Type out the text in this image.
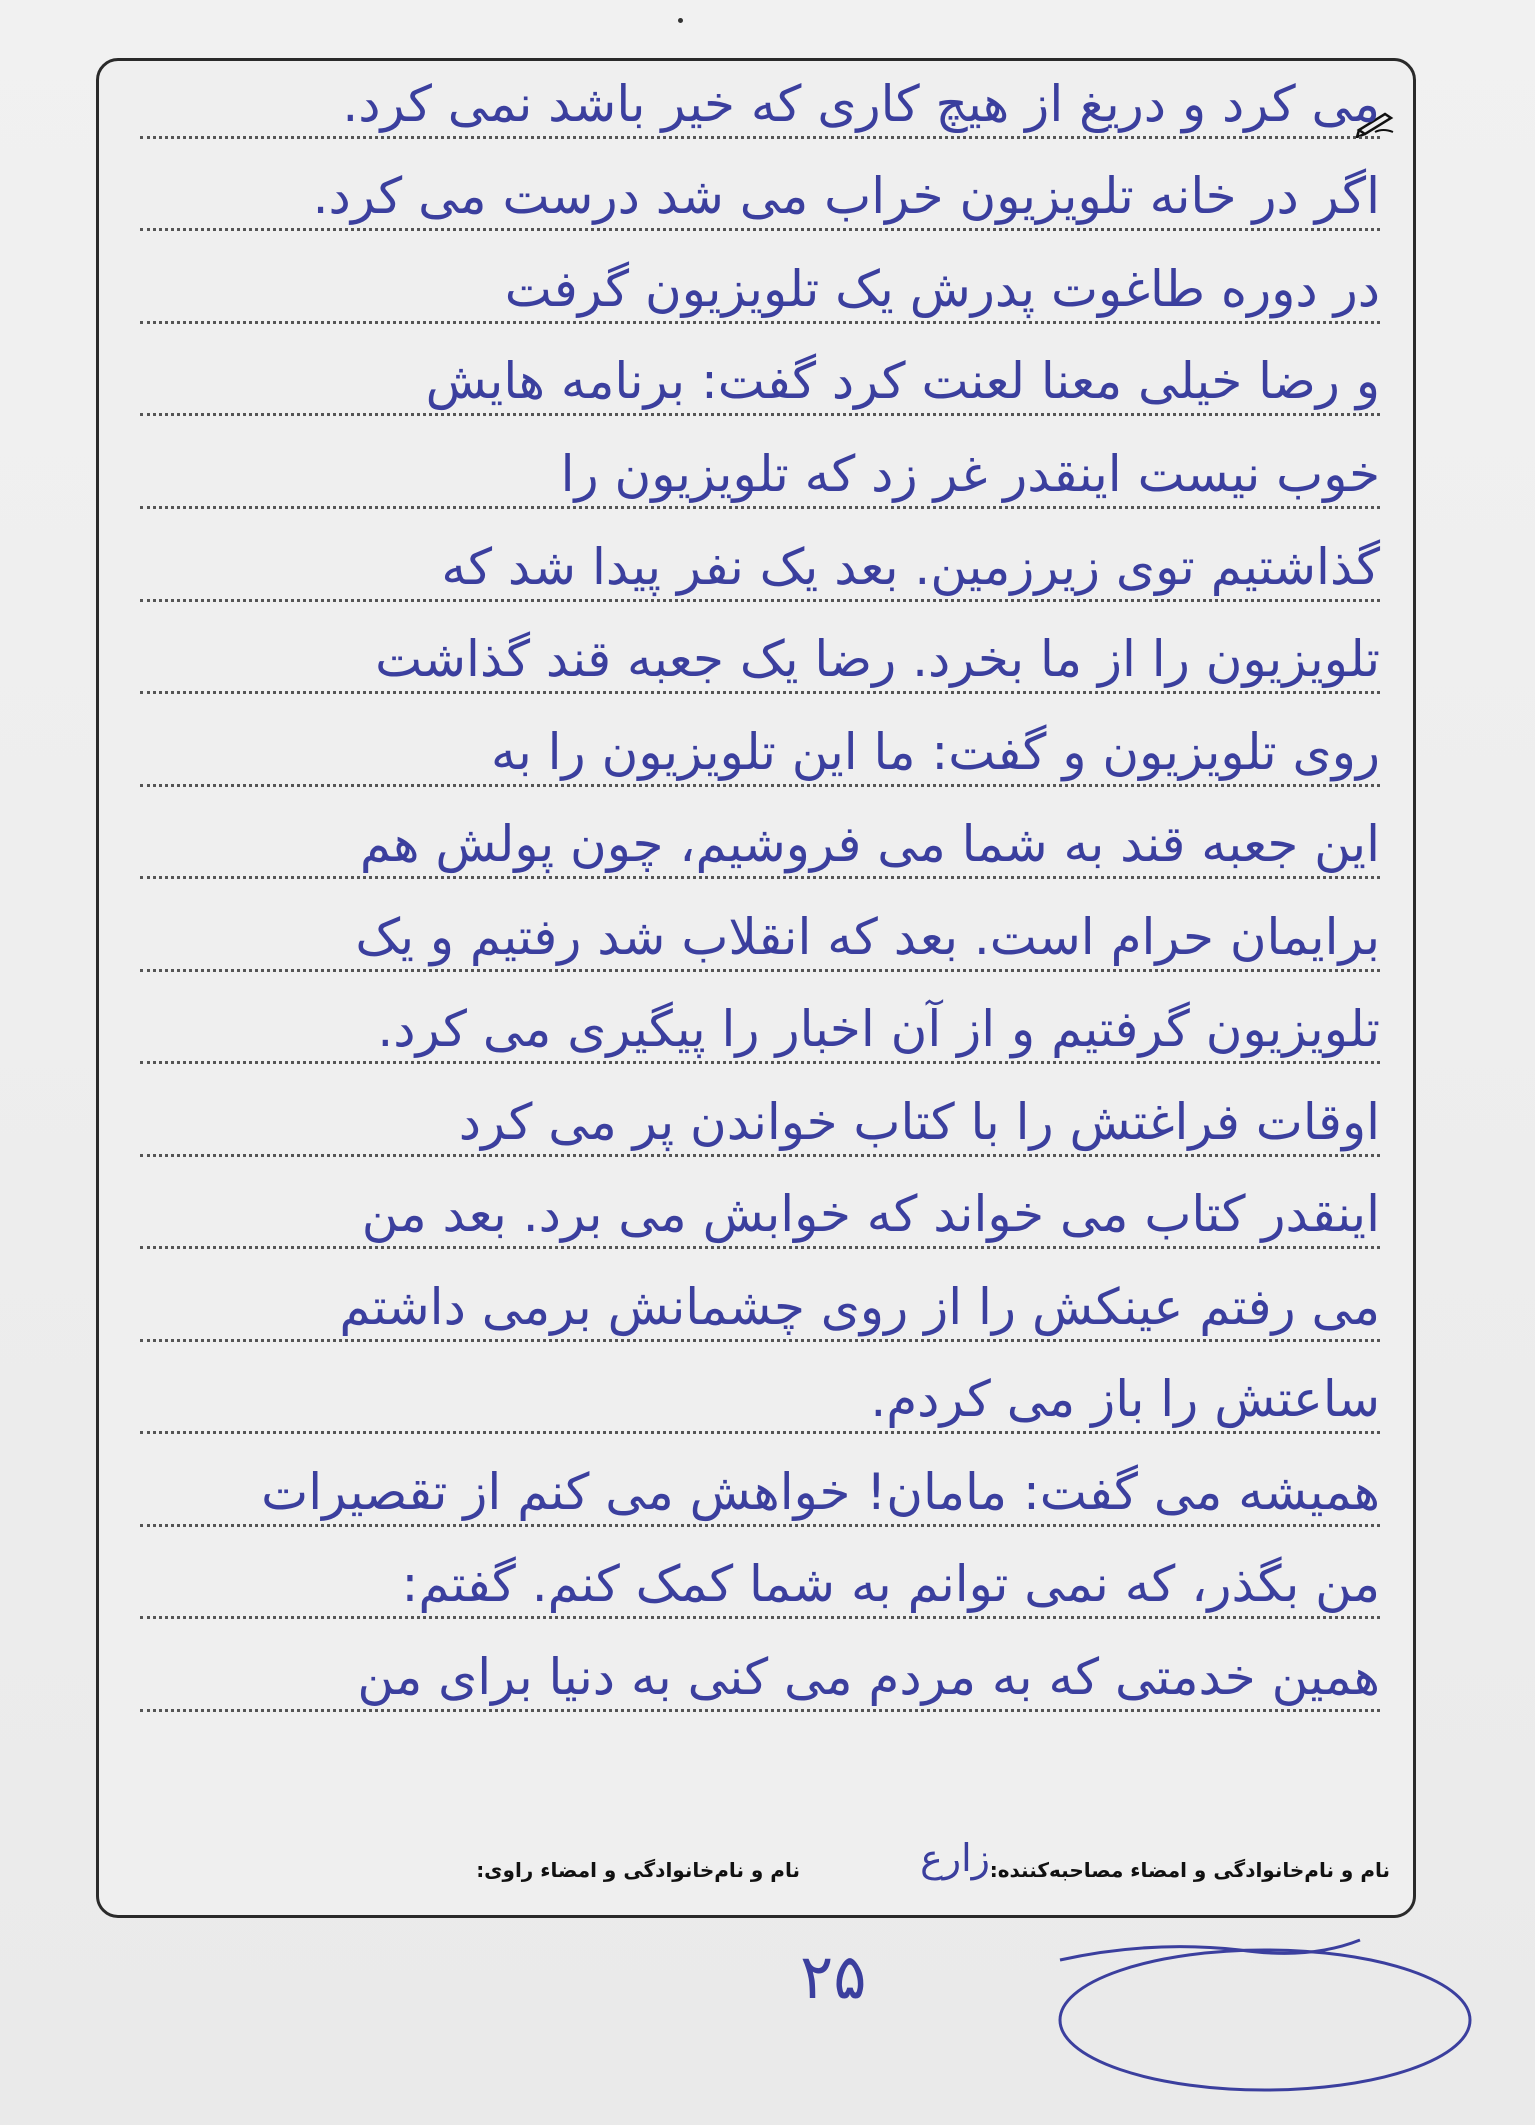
می کرد و دریغ از هیچ کاری که خیر باشد نمی کرد.
اگر در خانه تلویزیون خراب می شد درست می کرد.
در دوره طاغوت پدرش یک تلویزیون گرفت
و رضا خیلی معنا لعنت کرد گفت: برنامه هایش
خوب نیست اینقدر غر زد که تلویزیون را
گذاشتیم توی زیرزمین. بعد یک نفر پیدا شد که
تلویزیون را از ما بخرد. رضا یک جعبه قند گذاشت
روی تلویزیون و گفت: ما این تلویزیون را به
این جعبه قند به شما می فروشیم، چون پولش هم
برایمان حرام است. بعد که انقلاب شد رفتیم و یک
تلویزیون گرفتیم و از آن اخبار را پیگیری می کرد.
اوقات فراغتش را با کتاب خواندن پر می کرد
اینقدر کتاب می خواند که خوابش می برد. بعد من
می رفتم عینکش را از روی چشمانش برمی داشتم
ساعتش را باز می کردم.
همیشه می گفت: مامان! خواهش می کنم از تقصیرات
من بگذر، که نمی توانم به شما کمک کنم. گفتم:
همین خدمتی که به مردم می کنی به دنیا برای من
نام و نام‌خانوادگی و امضاء مصاحبه‌کننده:
زارع
نام و نام‌خانوادگی و امضاء راوی:
۲۵
